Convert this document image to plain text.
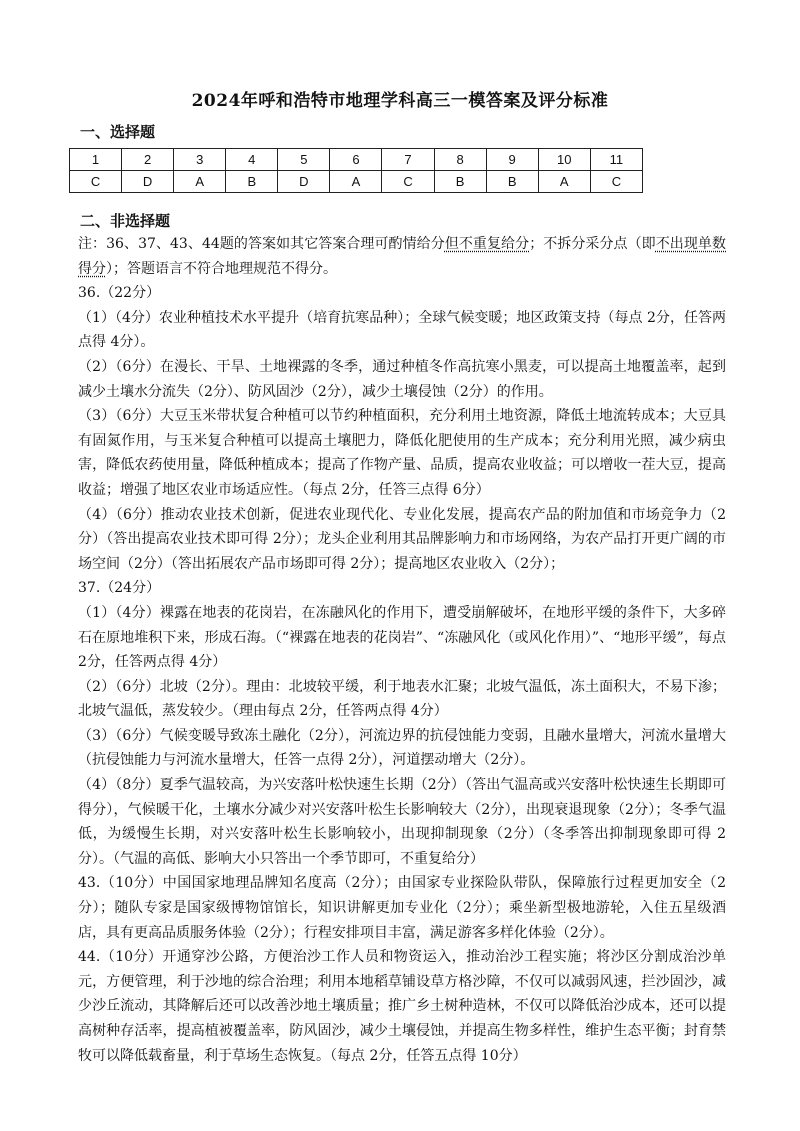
2024年呼和浩特市地理学科高三一模答案及评分标准
一、选择题
1	2	3	4	5	6	7	8	9	10	11
C	D	A	B	D	A	C	B	B	A	C
二、非选择题

注：36、37、43、44题的答案如其它答案合理可酌情给分但不重复给分；不拆分采分点（即不出现单数得分）；答题语言不符合地理规范不得分。

36.（22分）

（1）（4分）农业种植技术水平提升（培育抗寒品种）；全球气候变暖；地区政策支持（每点 2分，任答两点得 4分）。

（2）（6分）在漫长、干旱、土地裸露的冬季，通过种植冬作高抗寒小黑麦，可以提高土地覆盖率，起到减少土壤水分流失（2分）、防风固沙（2分），减少土壤侵蚀（2分）的作用。

（3）（6分）大豆玉米带状复合种植可以节约种植面积，充分利用土地资源，降低土地流转成本；大豆具有固氮作用，与玉米复合种植可以提高土壤肥力，降低化肥使用的生产成本；充分利用光照，减少病虫害，降低农药使用量，降低种植成本；提高了作物产量、品质，提高农业收益；可以增收一茬大豆，提高收益；增强了地区农业市场适应性。（每点 2分，任答三点得 6分）

（4）（6分）推动农业技术创新，促进农业现代化、专业化发展，提高农产品的附加值和市场竞争力（2分）（答出提高农业技术即可得 2分）；龙头企业利用其品牌影响力和市场网络，为农产品打开更广阔的市场空间（2分）（答出拓展农产品市场即可得 2分）；提高地区农业收入（2分）；

37.（24分）

（1）（4分）裸露在地表的花岗岩，在冻融风化的作用下，遭受崩解破坏，在地形平缓的条件下，大多碎石在原地堆积下来，形成石海。（“裸露在地表的花岗岩”、“冻融风化（或风化作用）”、“地形平缓”，每点 2分，任答两点得 4分）

（2）（6分）北坡（2分）。理由：北坡较平缓，利于地表水汇聚；北坡气温低，冻土面积大，不易下渗；北坡气温低，蒸发较少。（理由每点 2分，任答两点得 4分）

（3）（6分）气候变暖导致冻土融化（2分），河流边界的抗侵蚀能力变弱，且融水量增大，河流水量增大（抗侵蚀能力与河流水量增大，任答一点得 2分），河道摆动增大（2分）。

（4）（8分）夏季气温较高，为兴安落叶松快速生长期（2分）（答出气温高或兴安落叶松快速生长期即可得分），气候暖干化，土壤水分减少对兴安落叶松生长影响较大（2分），出现衰退现象（2分）；冬季气温低，为缓慢生长期，对兴安落叶松生长影响较小，出现抑制现象（2分）（冬季答出抑制现象即可得 2分）。（气温的高低、影响大小只答出一个季节即可，不重复给分）

43.（10分）中国国家地理品牌知名度高（2分）；由国家专业探险队带队，保障旅行过程更加安全（2分）；随队专家是国家级博物馆馆长，知识讲解更加专业化（2分）；乘坐新型极地游轮，入住五星级酒店，具有更高品质服务体验（2分）；行程安排项目丰富，满足游客多样化体验（2分）。

44.（10分）开通穿沙公路，方便治沙工作人员和物资运入，推动治沙工程实施；将沙区分割成治沙单元，方便管理，利于沙地的综合治理；利用本地稻草铺设草方格沙障，不仅可以减弱风速，拦沙固沙，减少沙丘流动，其降解后还可以改善沙地土壤质量；推广乡土树种造林，不仅可以降低治沙成本，还可以提高树种存活率，提高植被覆盖率，防风固沙，减少土壤侵蚀，并提高生物多样性，维护生态平衡；封育禁牧可以降低载畜量，利于草场生态恢复。（每点 2分，任答五点得 10分）
